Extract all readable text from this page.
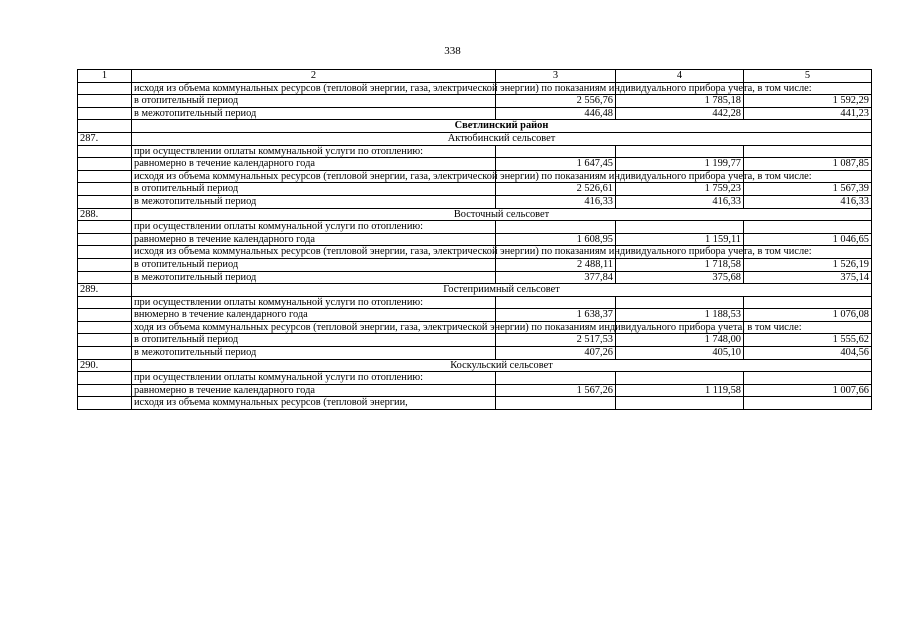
338
1	2	3	4	5
	исходя из объема коммунальных ресурсов (тепловой энергии, газа, электрической энергии) по показаниям индивидуального прибора учета, в том числе:			
	в отопительный период	2 556,76	1 785,18	1 592,29
	в межотопительный период	446,48	442,28	441,23
	Светлинский район			
287.	Актюбинский сельсовет			
	при осуществлении оплаты коммунальной услуги по отоплению:			
	равномерно в течение календарного года	1 647,45	1 199,77	1 087,85
	исходя из объема коммунальных ресурсов (тепловой энергии, газа, электрической энергии) по показаниям индивидуального прибора учета, в том числе:			
	в отопительный период	2 526,61	1 759,23	1 567,39
	в межотопительный период	416,33	416,33	416,33
288.	Восточный сельсовет			
	при осуществлении оплаты коммунальной услуги по отоплению:			
	равномерно в течение календарного года	1 608,95	1 159,11	1 046,65
	исходя из объема коммунальных ресурсов (тепловой энергии, газа, электрической энергии) по показаниям индивидуального прибора учета, в том числе:			
	в отопительный период	2 488,11	1 718,58	1 526,19
	в межотопительный период	377,84	375,68	375,14
289.	Гостеприимный сельсовет			
	при осуществлении оплаты коммунальной услуги по отоплению:			
	внюмерно в течение календарного года	1 638,37	1 188,53	1 076,08
	ходя из объема коммунальных ресурсов (тепловой энергии, газа, электрической энергии) по показаниям индивидуального прибора учета, в том числе:			
	в отопительный период	2 517,53	1 748,00	1 555,62
	в межотопительный период	407,26	405,10	404,56
290.	Коскульский сельсовет			
	при осуществлении оплаты коммунальной услуги по отоплению:			
	равномерно в течение календарного года	1 567,26	1 119,58	1 007,66
	исходя из объема коммунальных ресурсов (тепловой энергии,			
